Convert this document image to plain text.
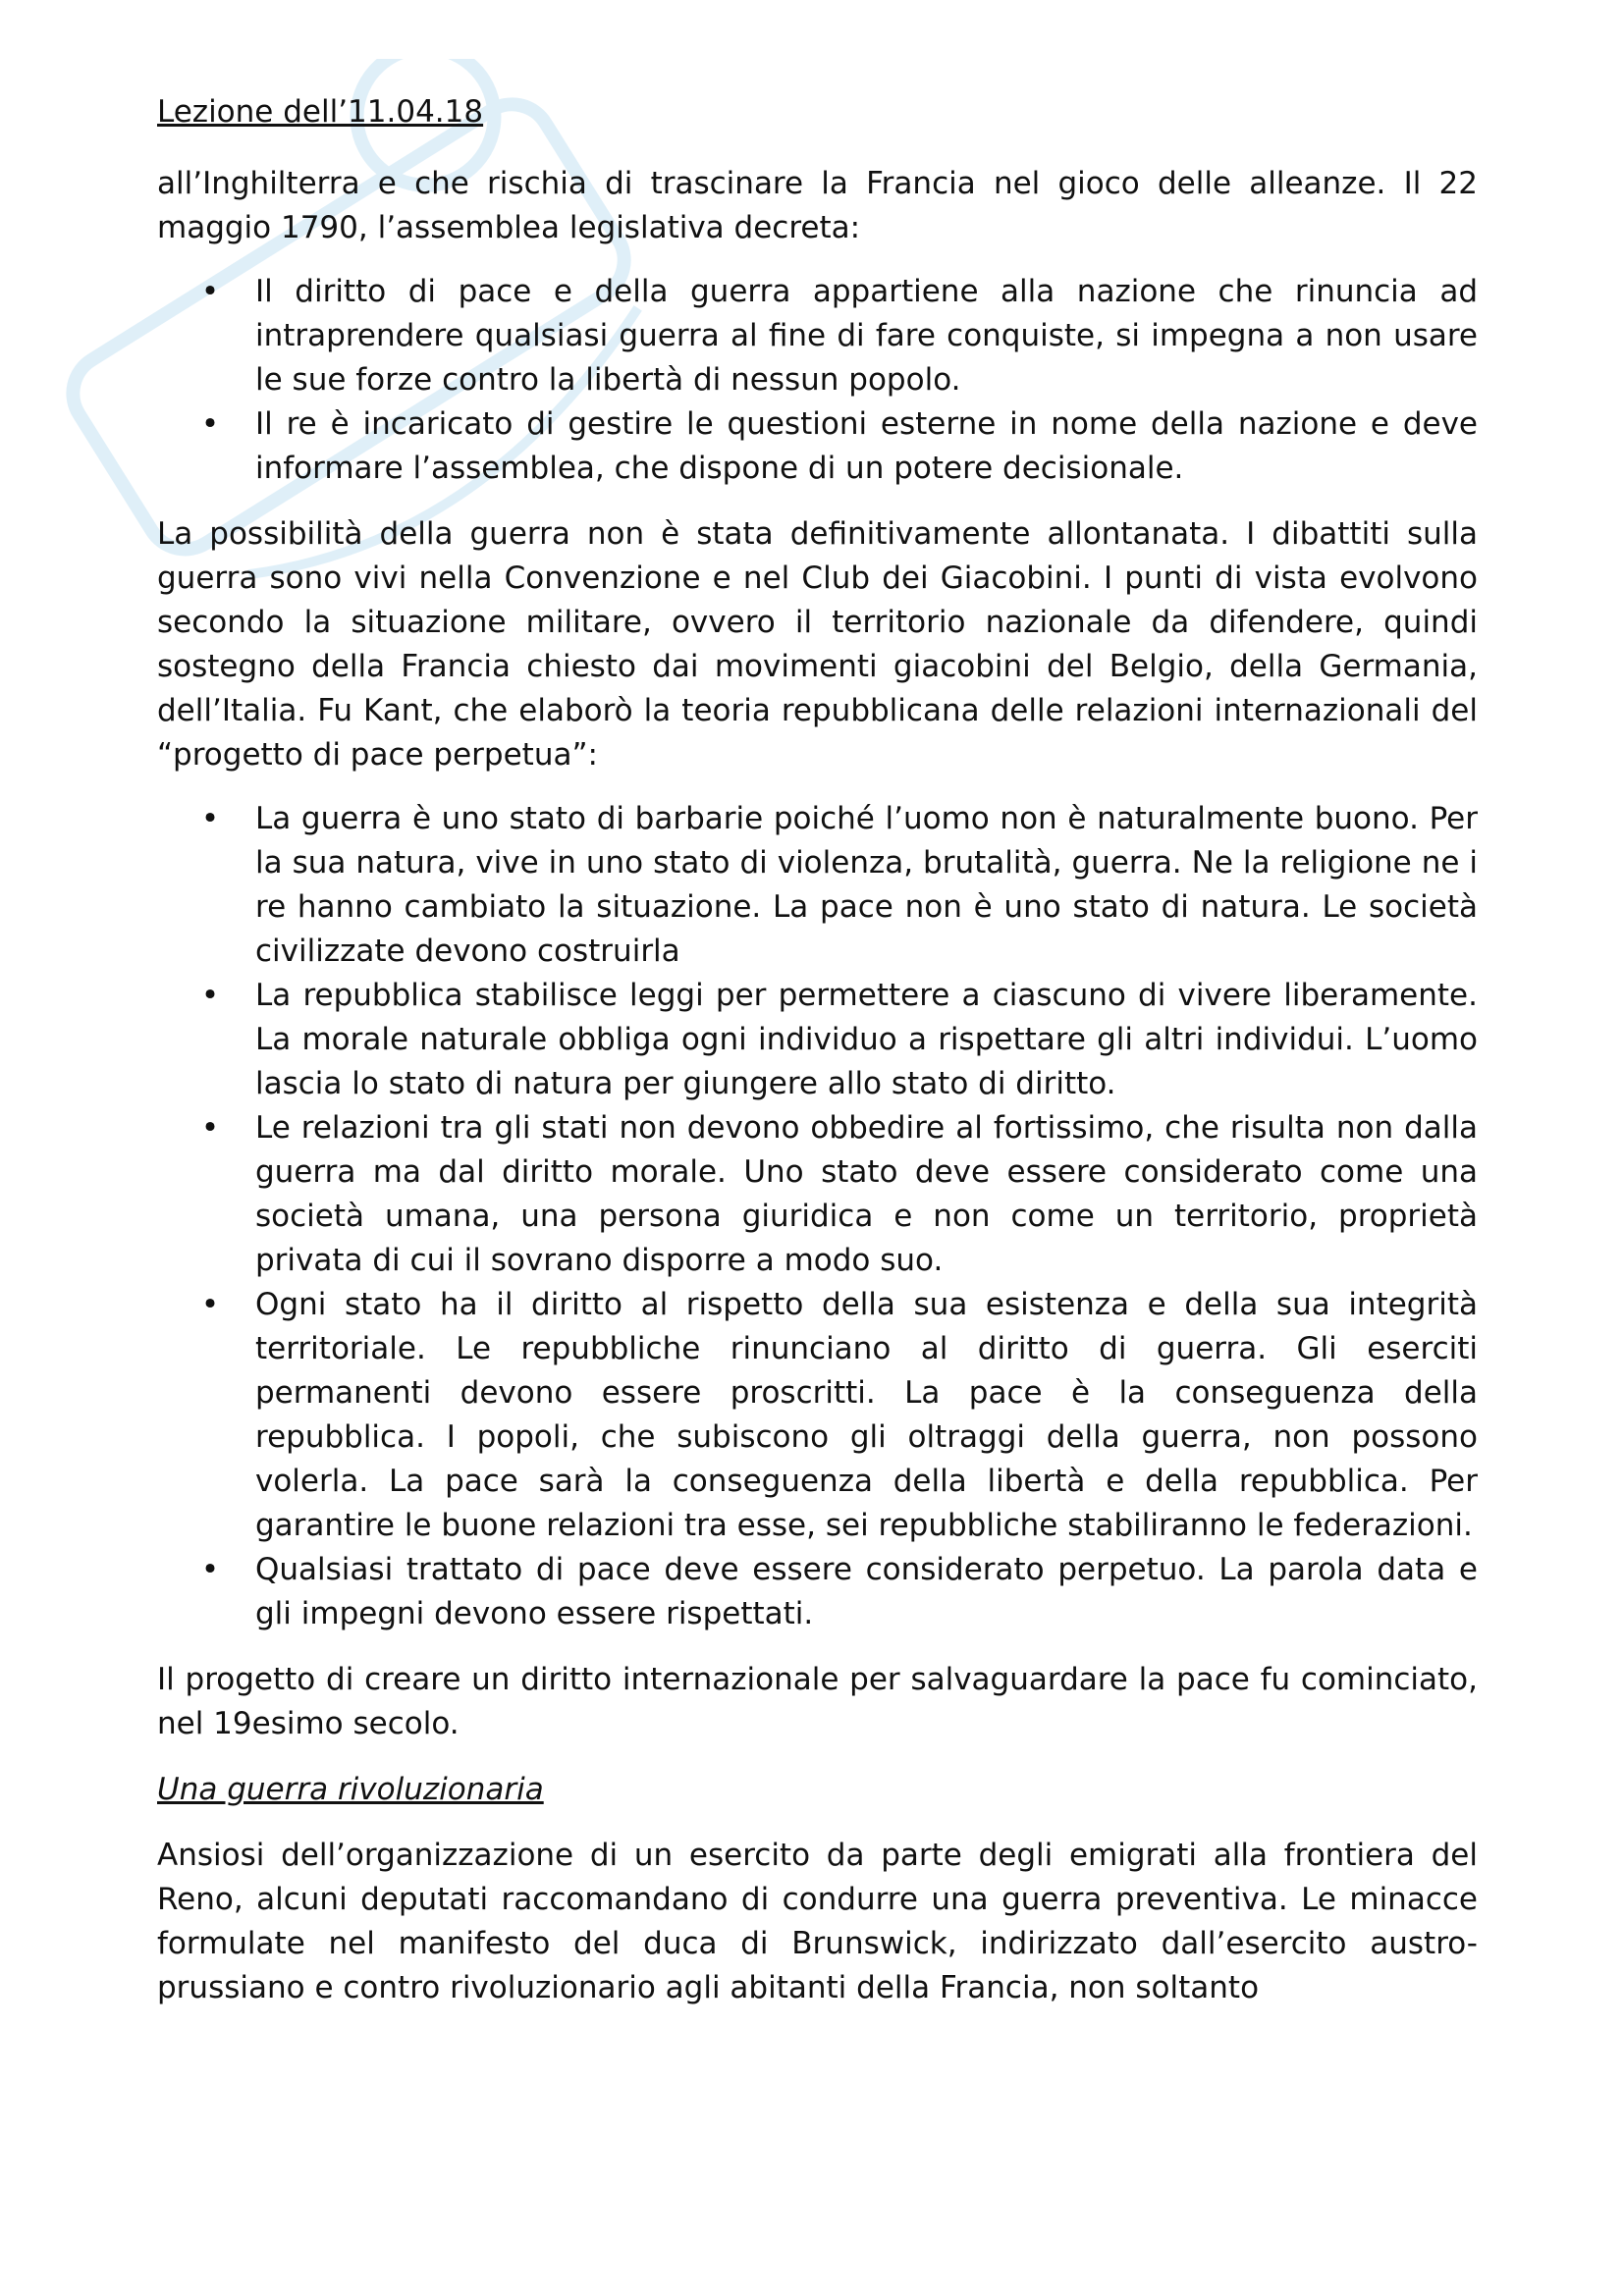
Lezione dell’11.04.18

all’Inghilterra e che rischia di trascinare la Francia nel gioco delle alleanze. Il 22 maggio 1790, l’assemblea legislativa decreta:

• Il diritto di pace e della guerra appartiene alla nazione che rinuncia ad intraprendere qualsiasi guerra al fine di fare conquiste, si impegna a non usare le sue forze contro la libertà di nessun popolo.
• Il re è incaricato di gestire le questioni esterne in nome della nazione e deve informare l’assemblea, che dispone di un potere decisionale.

La possibilità della guerra non è stata definitivamente allontanata. I dibattiti sulla guerra sono vivi nella Convenzione e nel Club dei Giacobini. I punti di vista evolvono secondo la situazione militare, ovvero il territorio nazionale da difendere, quindi sostegno della Francia chiesto dai movimenti giacobini del Belgio, della Germania, dell’Italia. Fu Kant, che elaborò la teoria repubblicana delle relazioni internazionali del “progetto di pace perpetua”:

• La guerra è uno stato di barbarie poiché l’uomo non è naturalmente buono. Per la sua natura, vive in uno stato di violenza, brutalità, guerra. Ne la religione ne i re hanno cambiato la situazione. La pace non è uno stato di natura. Le società civilizzate devono costruirla
• La repubblica stabilisce leggi per permettere a ciascuno di vivere liberamente. La morale naturale obbliga ogni individuo a rispettare gli altri individui. L’uomo lascia lo stato di natura per giungere allo stato di diritto.
• Le relazioni tra gli stati non devono obbedire al fortissimo, che risulta non dalla guerra ma dal diritto morale. Uno stato deve essere considerato come una società umana, una persona giuridica e non come un territorio, proprietà privata di cui il sovrano disporre a modo suo.
• Ogni stato ha il diritto al rispetto della sua esistenza e della sua integrità territoriale. Le repubbliche rinunciano al diritto di guerra. Gli eserciti permanenti devono essere proscritti. La pace è la conseguenza della repubblica. I popoli, che subiscono gli oltraggi della guerra, non possono volerla. La pace sarà la conseguenza della libertà e della repubblica. Per garantire le buone relazioni tra esse, sei repubbliche stabiliranno le federazioni.
• Qualsiasi trattato di pace deve essere considerato perpetuo. La parola data e gli impegni devono essere rispettati.

Il progetto di creare un diritto internazionale per salvaguardare la pace fu cominciato, nel 19esimo secolo.

Una guerra rivoluzionaria

Ansiosi dell’organizzazione di un esercito da parte degli emigrati alla frontiera del Reno, alcuni deputati raccomandano di condurre una guerra preventiva. Le minacce formulate nel manifesto del duca di Brunswick, indirizzato dall’esercito austro-prussiano e contro rivoluzionario agli abitanti della Francia, non soltanto
